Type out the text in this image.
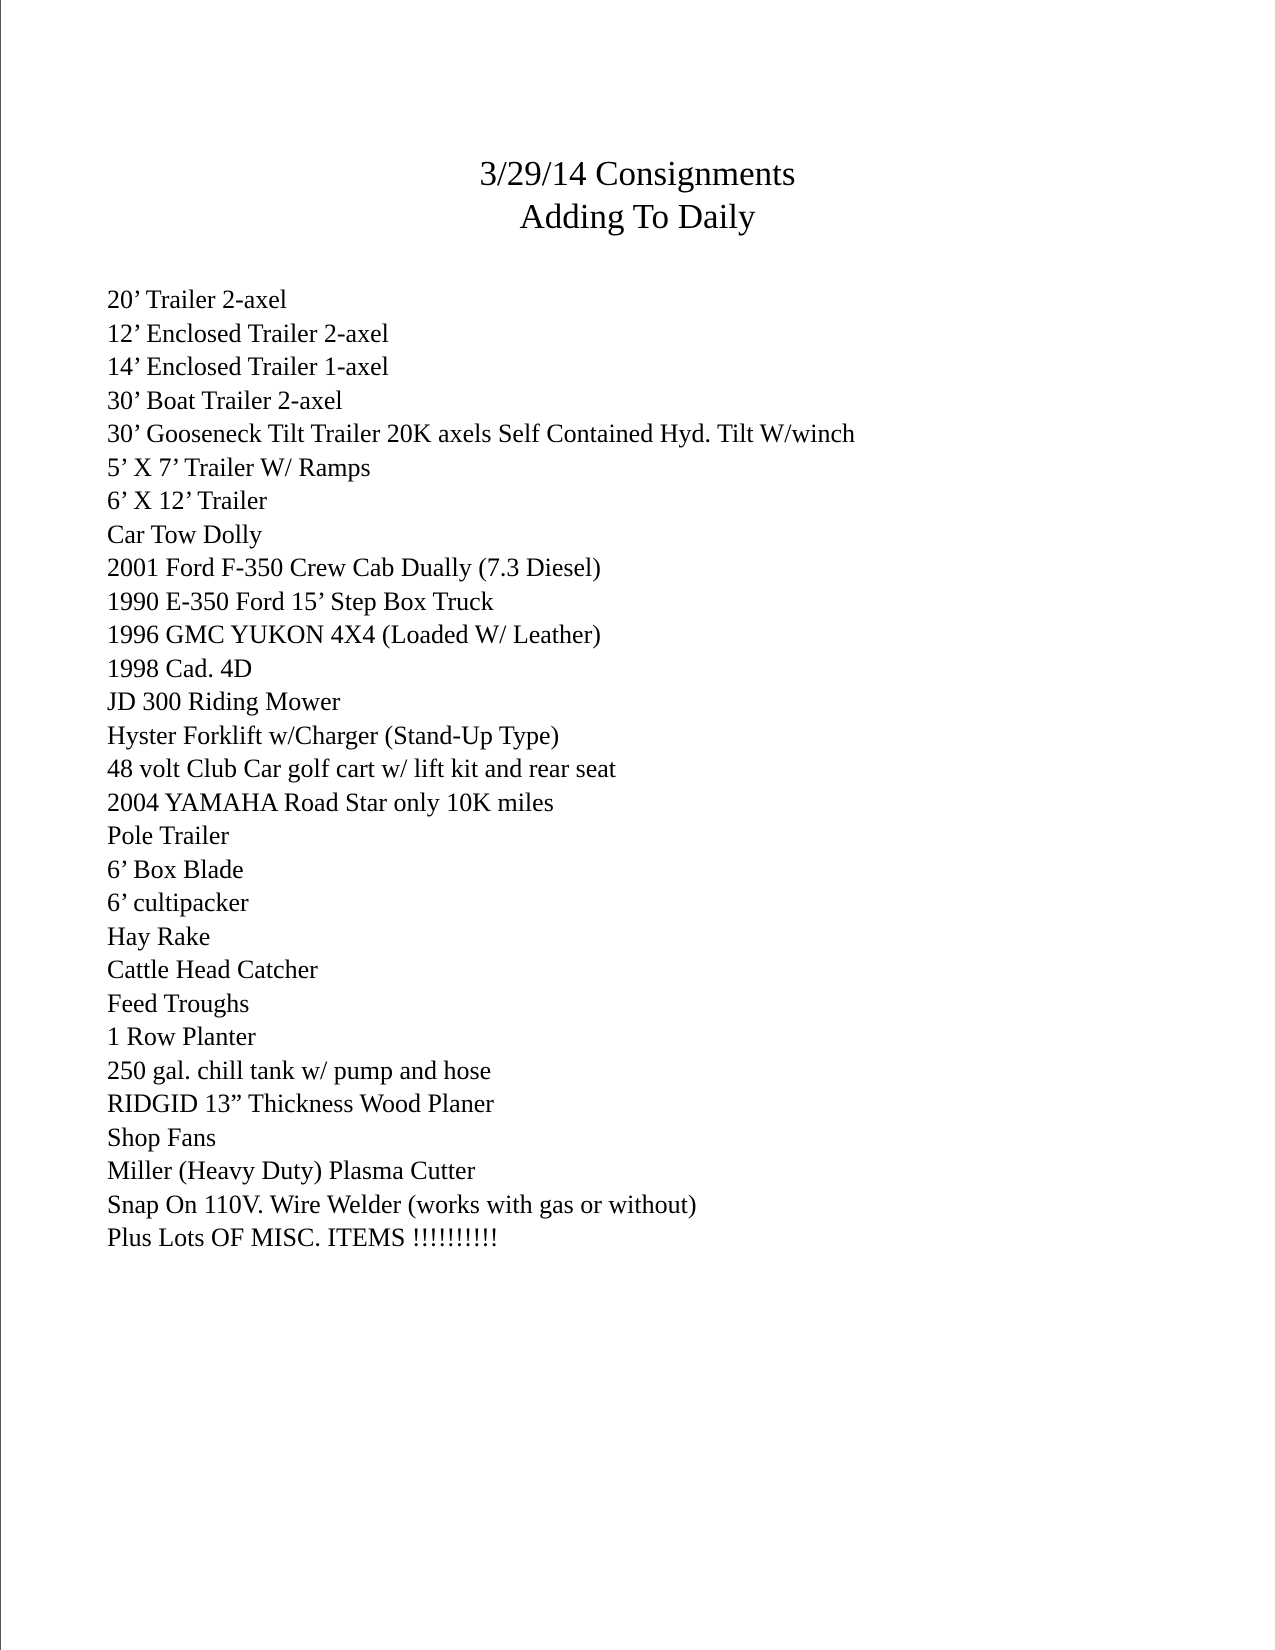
3/29/14 Consignments
Adding To Daily
20’ Trailer 2-axel
12’ Enclosed Trailer 2-axel
14’ Enclosed Trailer 1-axel
30’ Boat Trailer 2-axel
30’ Gooseneck Tilt Trailer 20K axels Self Contained Hyd. Tilt W/winch
5’ X 7’ Trailer W/ Ramps
6’ X 12’ Trailer
Car Tow Dolly
2001 Ford F-350 Crew Cab Dually (7.3 Diesel)
1990 E-350 Ford 15’ Step Box Truck
1996 GMC YUKON 4X4 (Loaded W/ Leather)
1998 Cad. 4D
JD 300 Riding Mower
Hyster Forklift w/Charger (Stand-Up Type)
48 volt Club Car golf cart w/ lift kit and rear seat
2004 YAMAHA Road Star only 10K miles
Pole Trailer
6’ Box Blade
6’ cultipacker
Hay Rake
Cattle Head Catcher
Feed Troughs
1 Row Planter
250 gal. chill tank w/ pump and hose
RIDGID 13” Thickness Wood Planer
Shop Fans
Miller (Heavy Duty) Plasma Cutter
Snap On 110V. Wire Welder (works with gas or without)
Plus Lots OF MISC. ITEMS !!!!!!!!!!
